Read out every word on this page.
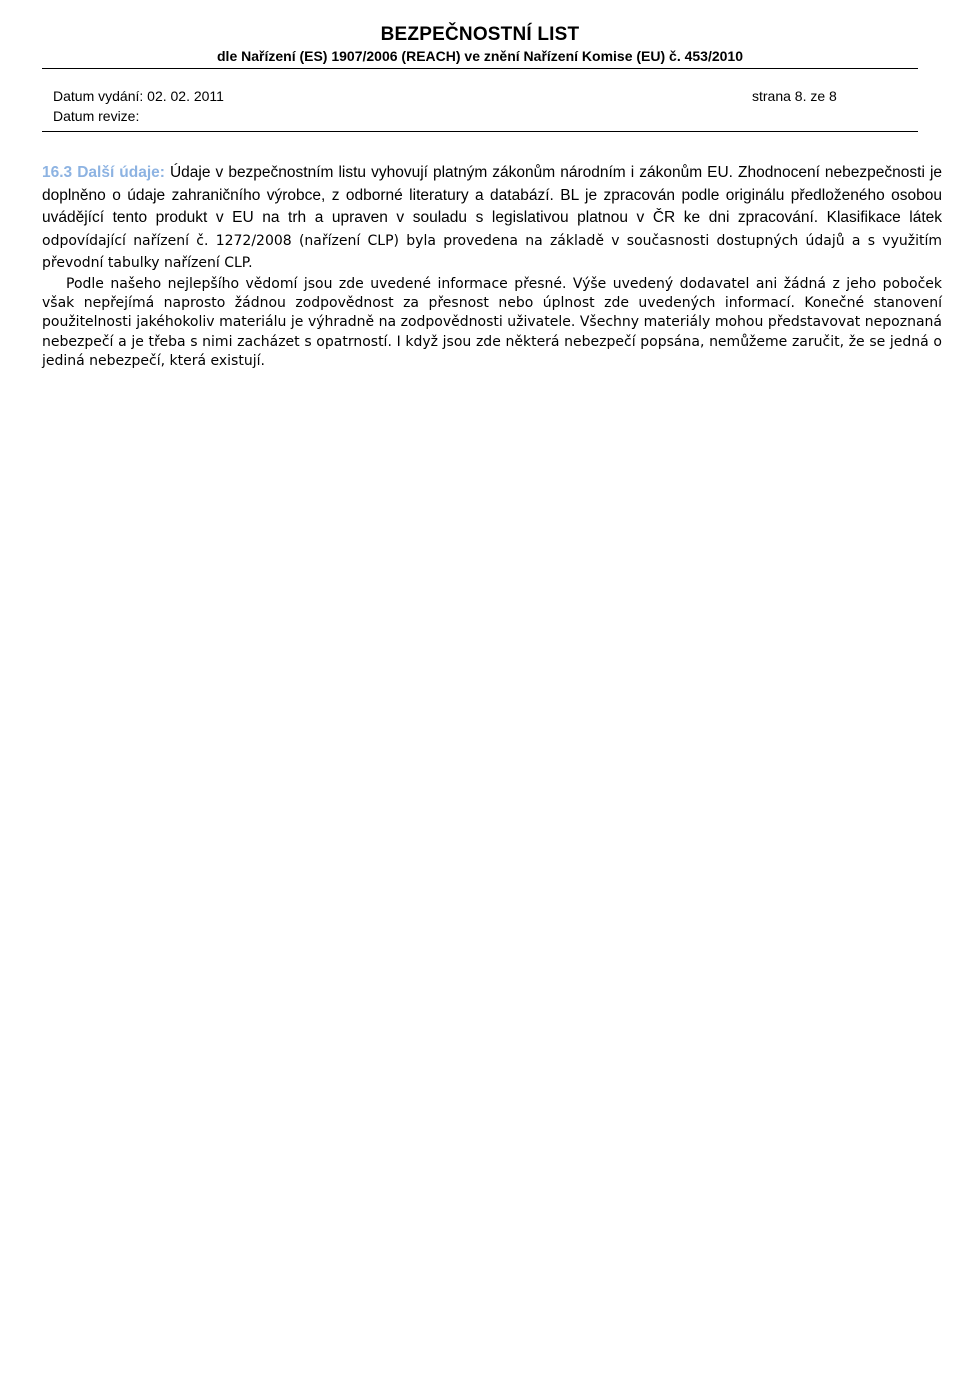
BEZPEČNOSTNÍ LIST
dle Nařízení (ES) 1907/2006 (REACH) ve znění Nařízení Komise (EU) č. 453/2010
Datum vydání: 02. 02. 2011	strana 8. ze 8
Datum revize:

16.3 Další údaje: Údaje v bezpečnostním listu vyhovují platným zákonům národním i zákonům EU. Zhodnocení nebezpečnosti je doplněno o údaje zahraničního výrobce, z odborné literatury a databází. BL je zpracován podle originálu předloženého osobou uvádějící tento produkt v EU na trh a upraven v souladu s legislativou platnou v ČR ke dni zpracování. Klasifikace látek odpovídající nařízení č. 1272/2008 (nařízení CLP) byla provedena na základě v současnosti dostupných údajů a s využitím převodní tabulky nařízení CLP.

Podle našeho nejlepšího vědomí jsou zde uvedené informace přesné. Výše uvedený dodavatel ani žádná z jeho poboček však nepřejímá naprosto žádnou zodpovědnost za přesnost nebo úplnost zde uvedených informací. Konečné stanovení použitelnosti jakéhokoliv materiálu je výhradně na zodpovědnosti uživatele. Všechny materiály mohou představovat nepoznaná nebezpečí a je třeba s nimi zacházet s opatrností. I když jsou zde některá nebezpečí popsána, nemůžeme zaručit, že se jedná o jediná nebezpečí, která existují.
